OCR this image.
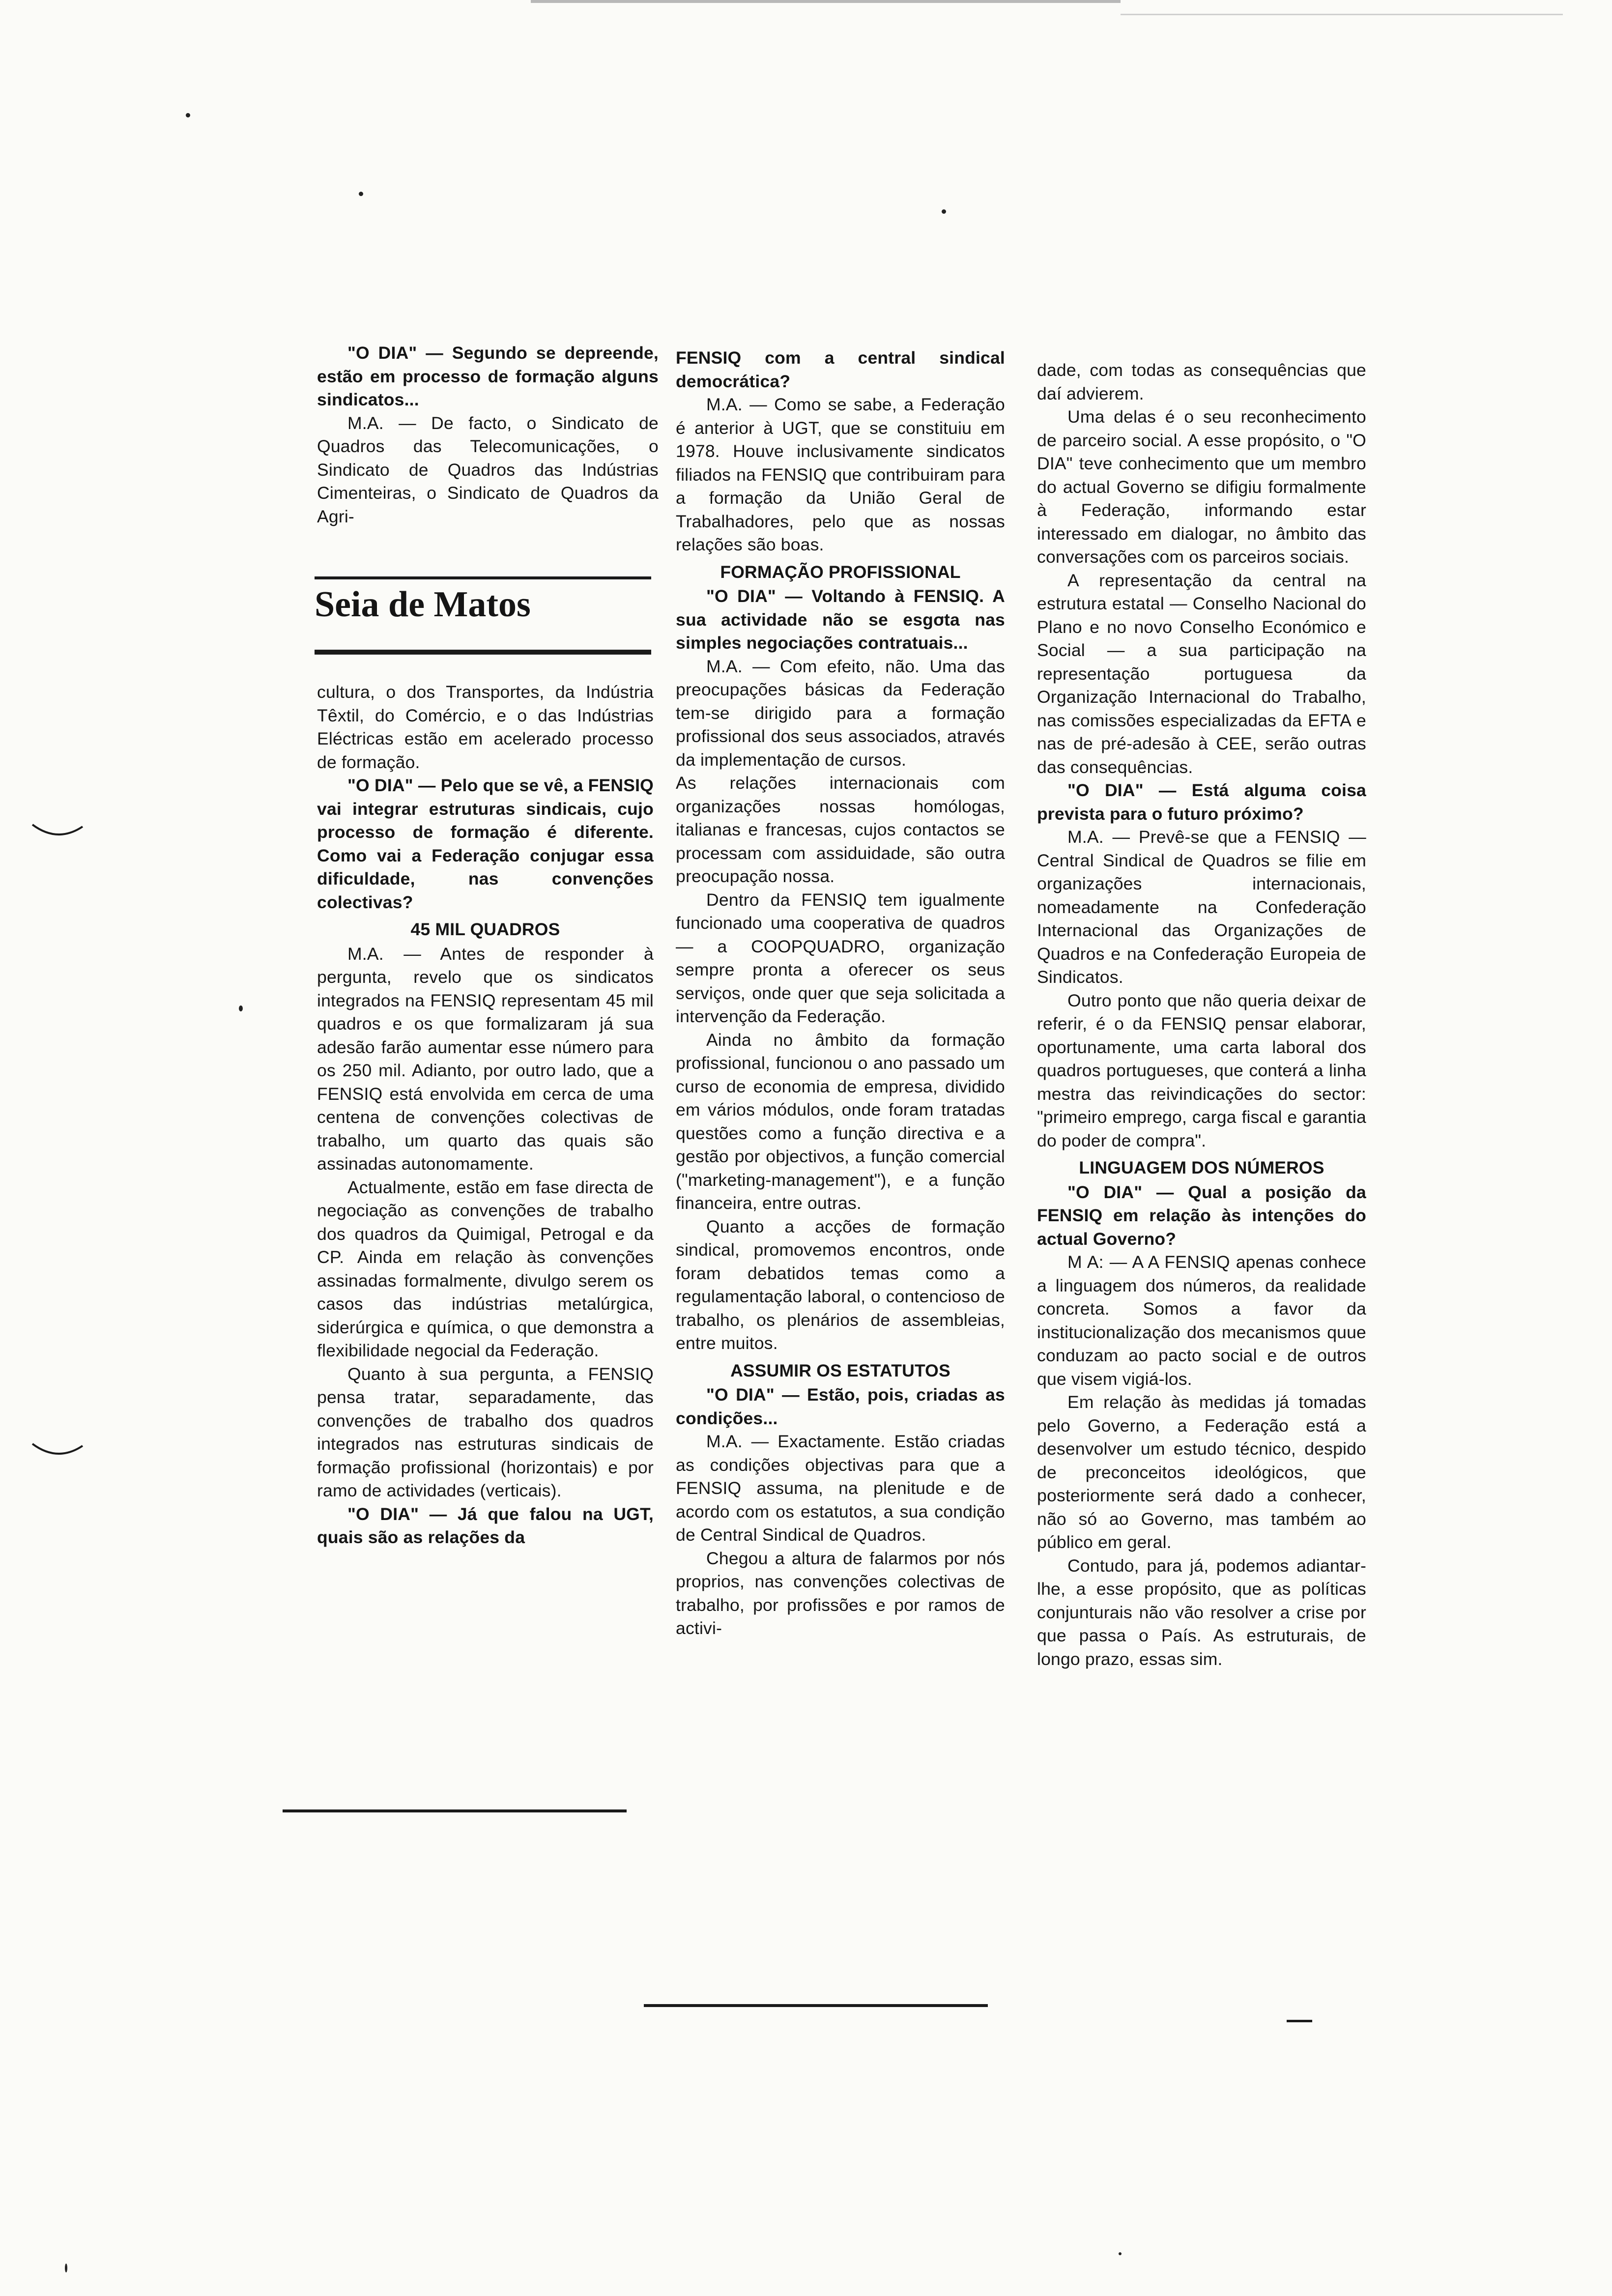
"O DIA" — Segundo se depreende, estão em processo de formação alguns sindicatos...

M.A. — De facto, o Sindicato de Quadros das Telecomunicações, o Sindicato de Quadros das Indústrias Cimenteiras, o Sindicato de Quadros da Agri-

Seia de Matos

cultura, o dos Transportes, da Indústria Têxtil, do Comércio, e o das Indústrias Eléctricas estão em acelerado processo de formação.

"O DIA" — Pelo que se vê, a FENSIQ vai integrar estruturas sindicais, cujo processo de formação é diferente. Como vai a Federação conjugar essa dificuldade, nas convenções colectivas?

45 MIL QUADROS

M.A. — Antes de responder à pergunta, revelo que os sindicatos integrados na FENSIQ representam 45 mil quadros e os que formalizaram já sua adesão farão aumentar esse número para os 250 mil. Adianto, por outro lado, que a FENSIQ está envolvida em cerca de uma centena de convenções colectivas de trabalho, um quarto das quais são assinadas autonomamente.

Actualmente, estão em fase directa de negociação as convenções de trabalho dos quadros da Quimigal, Petrogal e da CP. Ainda em relação às convenções assinadas formalmente, divulgo serem os casos das indústrias metalúrgica, siderúrgica e química, o que demonstra a flexibilidade negocial da Federação.

Quanto à sua pergunta, a FENSIQ pensa tratar, separadamente, das convenções de trabalho dos quadros integrados nas estruturas sindicais de formação profissional (horizontais) e por ramo de actividades (verticais).

"O DIA" — Já que falou na UGT, quais são as relações da

FENSIQ com a central sindical democrática?

M.A. — Como se sabe, a Federação é anterior à UGT, que se constituiu em 1978. Houve inclusivamente sindicatos filiados na FENSIQ que contribuiram para a formação da União Geral de Trabalhadores, pelo que as nossas relações são boas.

FORMAÇÃO PROFISSIONAL

"O DIA" — Voltando à FENSIQ. A sua actividade não se esgota nas simples negociações contratuais...

M.A. — Com efeito, não. Uma das preocupações básicas da Federação tem-se dirigido para a formação profissional dos seus associados, através da implementação de cursos.

As relações internacionais com organizações nossas homólogas, italianas e francesas, cujos contactos se processam com assiduidade, são outra preocupação nossa.

Dentro da FENSIQ tem igualmente funcionado uma cooperativa de quadros — a COOPQUADRO, organização sempre pronta a oferecer os seus serviços, onde quer que seja solicitada a intervenção da Federação.

Ainda no âmbito da formação profissional, funcionou o ano passado um curso de economia de empresa, dividido em vários módulos, onde foram tratadas questões como a função directiva e a gestão por objectivos, a função comercial ("marketing-management"), e a função financeira, entre outras.

Quanto a acções de formação sindical, promovemos encontros, onde foram debatidos temas como a regulamentação laboral, o contencioso de trabalho, os plenários de assembleias, entre muitos.

ASSUMIR OS ESTATUTOS

"O DIA" — Estão, pois, criadas as condições...

M.A. — Exactamente. Estão criadas as condições objectivas para que a FENSIQ assuma, na plenitude e de acordo com os estatutos, a sua condição de Central Sindical de Quadros.

Chegou a altura de falarmos por nós proprios, nas convenções colectivas de trabalho, por profissões e por ramos de activi-

dade, com todas as consequências que daí advierem.

Uma delas é o seu reconhecimento de parceiro social. A esse propósito, o "O DIA" teve conhecimento que um membro do actual Governo se difigiu formalmente à Federação, informando estar interessado em dialogar, no âmbito das conversações com os parceiros sociais.

A representação da central na estrutura estatal — Conselho Nacional do Plano e no novo Conselho Económico e Social — a sua participação na representação portuguesa da Organização Internacional do Trabalho, nas comissões especializadas da EFTA e nas de pré-adesão à CEE, serão outras das consequências.

"O DIA" — Está alguma coisa prevista para o futuro próximo?

M.A. — Prevê-se que a FENSIQ — Central Sindical de Quadros se filie em organizações internacionais, nomeadamente na Confederação Internacional das Organizações de Quadros e na Confederação Europeia de Sindicatos.

Outro ponto que não queria deixar de referir, é o da FENSIQ pensar elaborar, oportunamente, uma carta laboral dos quadros portugueses, que conterá a linha mestra das reivindicações do sector: "primeiro emprego, carga fiscal e garantia do poder de compra".

LINGUAGEM DOS NÚMEROS

"O DIA" — Qual a posição da FENSIQ em relação às intenções do actual Governo?

M A: — A A FENSIQ apenas conhece a linguagem dos números, da realidade concreta. Somos a favor da institucionalização dos mecanismos quue conduzam ao pacto social e de outros que visem vigiá-los.

Em relação às medidas já tomadas pelo Governo, a Federação está a desenvolver um estudo técnico, despido de preconceitos ideológicos, que posteriormente será dado a conhecer, não só ao Governo, mas também ao público em geral.

Contudo, para já, podemos adiantar-lhe, a esse propósito, que as políticas conjunturais não vão resolver a crise por que passa o País. As estruturais, de longo prazo, essas sim.
